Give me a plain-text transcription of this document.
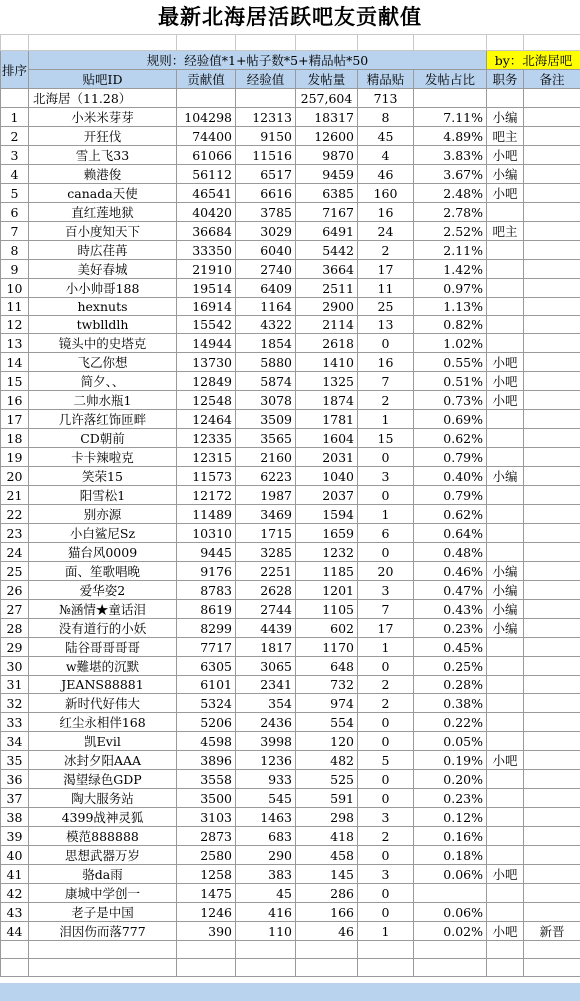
最新北海居活跃吧友贡献值

排序	规则：经验值*1+帖子数*5+精品帖*50						by：北海居吧	
	贴吧ID	贡献值	经验值	发帖量	精品贴	发帖占比	职务	备注
	北海居（11.28）			257,604	713			
1	小米米芽芽	104298	12313	18317	8	7.11%	小编	
2	开狂伐	74400	9150	12600	45	4.89%	吧主	
3	雪上飞33	61066	11516	9870	4	3.83%	小吧	
4	赖港俊	56112	6517	9459	46	3.67%	小编	
5	canada天使	46541	6616	6385	160	2.48%	小吧	
6	直红莲地狱	40420	3785	7167	16	2.78%		
7	百小度知天下	36684	3029	6491	24	2.52%	吧主	
8	時広荏苒	33350	6040	5442	2	2.11%		
9	美好春城	21910	2740	3664	17	1.42%		
10	小小帅哥188	19514	6409	2511	11	0.97%		
11	hexnuts	16914	1164	2900	25	1.13%		
12	twblldlh	15542	4322	2114	13	0.82%		
13	镜头中的史塔克	14944	1854	2618	0	1.02%		
14	飞乙你想	13730	5880	1410	16	0.55%	小吧	
15	简夕、、	12849	5874	1325	7	0.51%	小吧	
16	二帅水瓶1	12548	3078	1874	2	0.73%	小吧	
17	几许落红饰匝畔	12464	3509	1781	1	0.69%		
18	CD朝前	12335	3565	1604	15	0.62%		
19	卡卡辣啦克	12315	2160	2031	0	0.79%		
20	笑荣15	11573	6223	1040	3	0.40%	小编	
21	阳雪松1	12172	1987	2037	0	0.79%		
22	别亦源	11489	3469	1594	1	0.62%		
23	小白鲨尼Sz	10310	1715	1659	6	0.64%		
24	猫台风0009	9445	3285	1232	0	0.48%		
25	面、笙歌唱晚	9176	2251	1185	20	0.46%	小编	
26	爱华姿2	8783	2628	1201	3	0.47%	小编	
27	№涵情★童话泪	8619	2744	1105	7	0.43%	小编	
28	没有道行的小妖	8299	4439	602	17	0.23%	小编	
29	陆谷哥哥哥哥	7717	1817	1170	1	0.45%		
30	w難堪的沉默	6305	3065	648	0	0.25%		
31	JEANS88881	6101	2341	732	2	0.28%		
32	新时代好伟大	5324	354	974	2	0.38%		
33	红尘永相伴168	5206	2436	554	0	0.22%		
34	凯Evil	4598	3998	120	0	0.05%		
35	冰封夕阳AAA	3896	1236	482	5	0.19%	小吧	
36	渴望绿色GDP	3558	933	525	0	0.20%		
37	陶大服务站	3500	545	591	0	0.23%		
38	4399战神灵狐	3103	1463	298	3	0.12%		
39	模范888888	2873	683	418	2	0.16%		
40	思想武器万岁	2580	290	458	0	0.18%		
41	骆da雨	1258	383	145	3	0.06%	小吧	
42	康城中学创一	1475	45	286	0			
43	老子是中国	1246	416	166	0	0.06%		
44	泪因伤而落777	390	110	46	1	0.02%	小吧	新晋
